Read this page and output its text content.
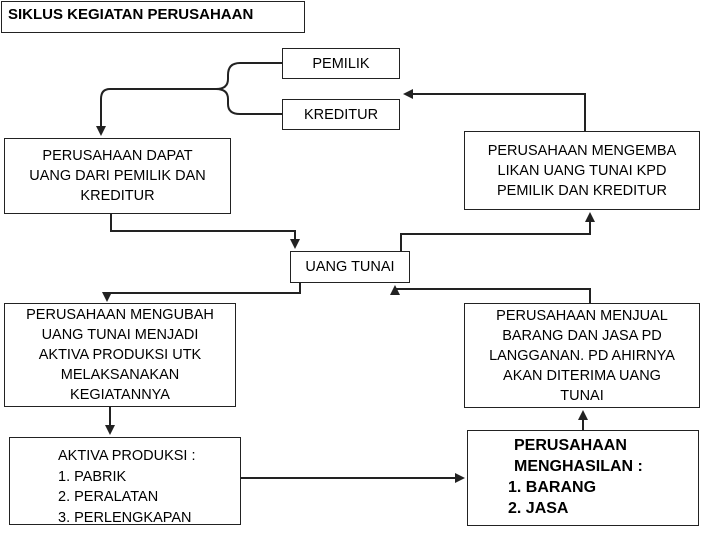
SIKLUS KEGIATAN PERUSAHAAN
PEMILIK
KREDITUR
PERUSAHAAN DAPAT
UANG DARI PEMILIK DAN
KREDITUR
PERUSAHAAN MENGEMBA
LIKAN UANG TUNAI KPD
PEMILIK DAN KREDITUR
UANG TUNAI
PERUSAHAAN MENGUBAH
UANG TUNAI MENJADI
AKTIVA PRODUKSI UTK
MELAKSANAKAN
KEGIATANNYA
PERUSAHAAN MENJUAL
BARANG DAN JASA PD
LANGGANAN. PD AHIRNYA
AKAN DITERIMA UANG
TUNAI
AKTIVA PRODUKSI :
1. PABRIK
2. PERALATAN
3. PERLENGKAPAN
PERUSAHAAN
MENGHASILAN :
1. BARANG
2. JASA
